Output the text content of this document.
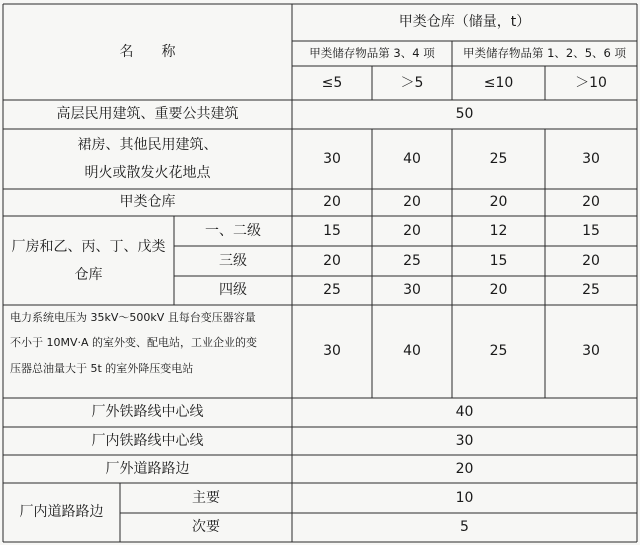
名　　称
甲类仓库（储量，t）
甲类储存物品第 3、4 项	甲类储存物品第 1、2、5、6 项
≤5	＞5	≤10	＞10
高层民用建筑、重要公共建筑	50
裙房、其他民用建筑、
明火或散发火花地点
30	40	25	30
甲类仓库	20	20	20	20
厂房和乙、丙、丁、戊类
仓库
一、二级	15	20	12	15
三级	20	25	15	20
四级	25	30	20	25
电力系统电压为 35kV～500kV 且每台变压器容量
不小于 10MV·A 的室外变、配电站，工业企业的变
压器总油量大于 5t 的室外降压变电站
30	40	25	30
厂外铁路线中心线	40
厂内铁路线中心线	30
厂外道路路边	20
厂内道路路边
主要	10
次要	5
